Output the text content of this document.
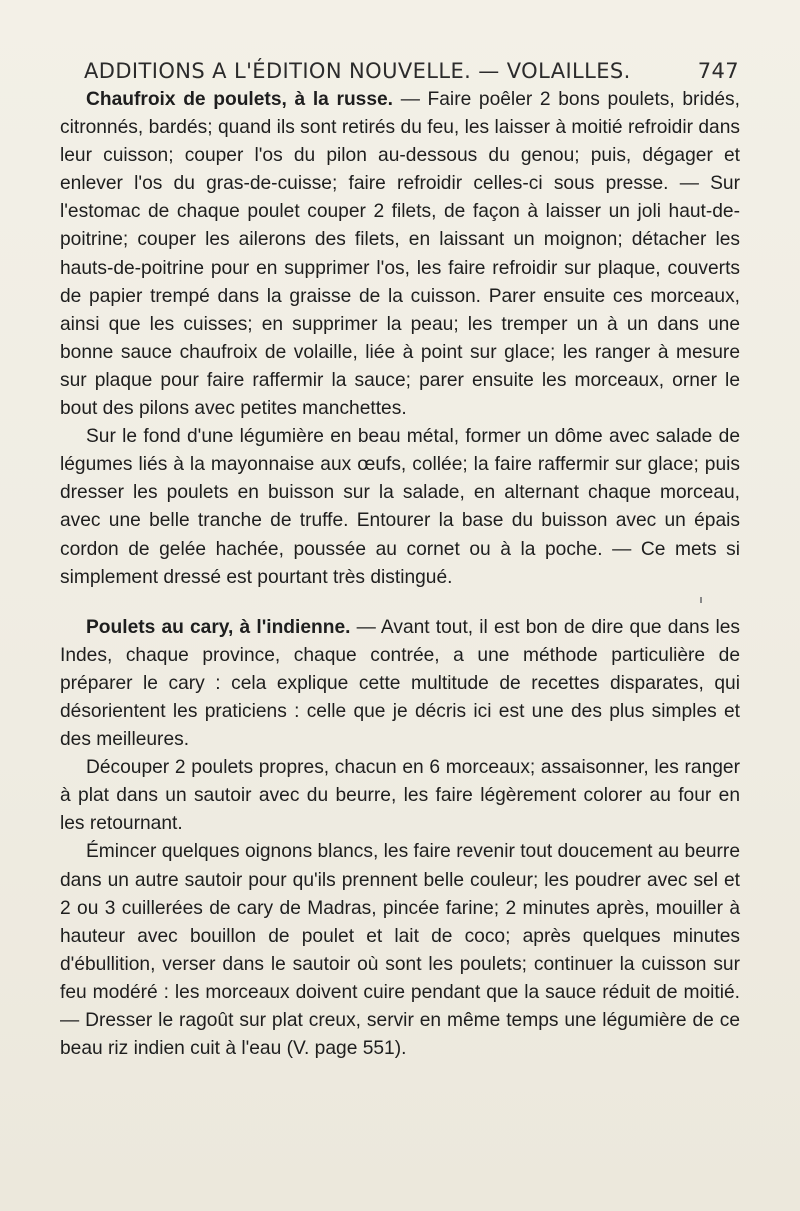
ADDITIONS A L'ÉDITION NOUVELLE. — VOLAILLES.	747

Chaufroix de poulets, à la russe. — Faire poêler 2 bons poulets, bridés, citronnés, bardés; quand ils sont retirés du feu, les laisser à moitié refroidir dans leur cuisson; couper l'os du pilon au-dessous du genou; puis, dégager et enlever l'os du gras-de-cuisse; faire refroidir celles-ci sous presse. — Sur l'estomac de chaque poulet couper 2 filets, de façon à laisser un joli haut-de-poitrine; couper les ailerons des filets, en laissant un moignon; détacher les hauts-de-poitrine pour en supprimer l'os, les faire refroidir sur plaque, couverts de papier trempé dans la graisse de la cuisson. Parer ensuite ces morceaux, ainsi que les cuisses; en supprimer la peau; les tremper un à un dans une bonne sauce chaufroix de volaille, liée à point sur glace; les ranger à mesure sur plaque pour faire raffermir la sauce; parer ensuite les morceaux, orner le bout des pilons avec petites manchettes.

Sur le fond d'une légumière en beau métal, former un dôme avec salade de légumes liés à la mayonnaise aux œufs, collée; la faire raffermir sur glace; puis dresser les poulets en buisson sur la salade, en alternant chaque morceau, avec une belle tranche de truffe. Entourer la base du buisson avec un épais cordon de gelée hachée, poussée au cornet ou à la poche. — Ce mets si simplement dressé est pourtant très distingué.

Poulets au cary, à l'indienne. — Avant tout, il est bon de dire que dans les Indes, chaque province, chaque contrée, a une méthode particulière de préparer le cary : cela explique cette multitude de recettes disparates, qui désorientent les praticiens : celle que je décris ici est une des plus simples et des meilleures.

Découper 2 poulets propres, chacun en 6 morceaux; assaisonner, les ranger à plat dans un sautoir avec du beurre, les faire légèrement colorer au four en les retournant.

Émincer quelques oignons blancs, les faire revenir tout doucement au beurre dans un autre sautoir pour qu'ils prennent belle couleur; les poudrer avec sel et 2 ou 3 cuillerées de cary de Madras, pincée farine; 2 minutes après, mouiller à hauteur avec bouillon de poulet et lait de coco; après quelques minutes d'ébullition, verser dans le sautoir où sont les poulets; continuer la cuisson sur feu modéré : les morceaux doivent cuire pendant que la sauce réduit de moitié. — Dresser le ragoût sur plat creux, servir en même temps une légumière de ce beau riz indien cuit à l'eau (V. page 551).
